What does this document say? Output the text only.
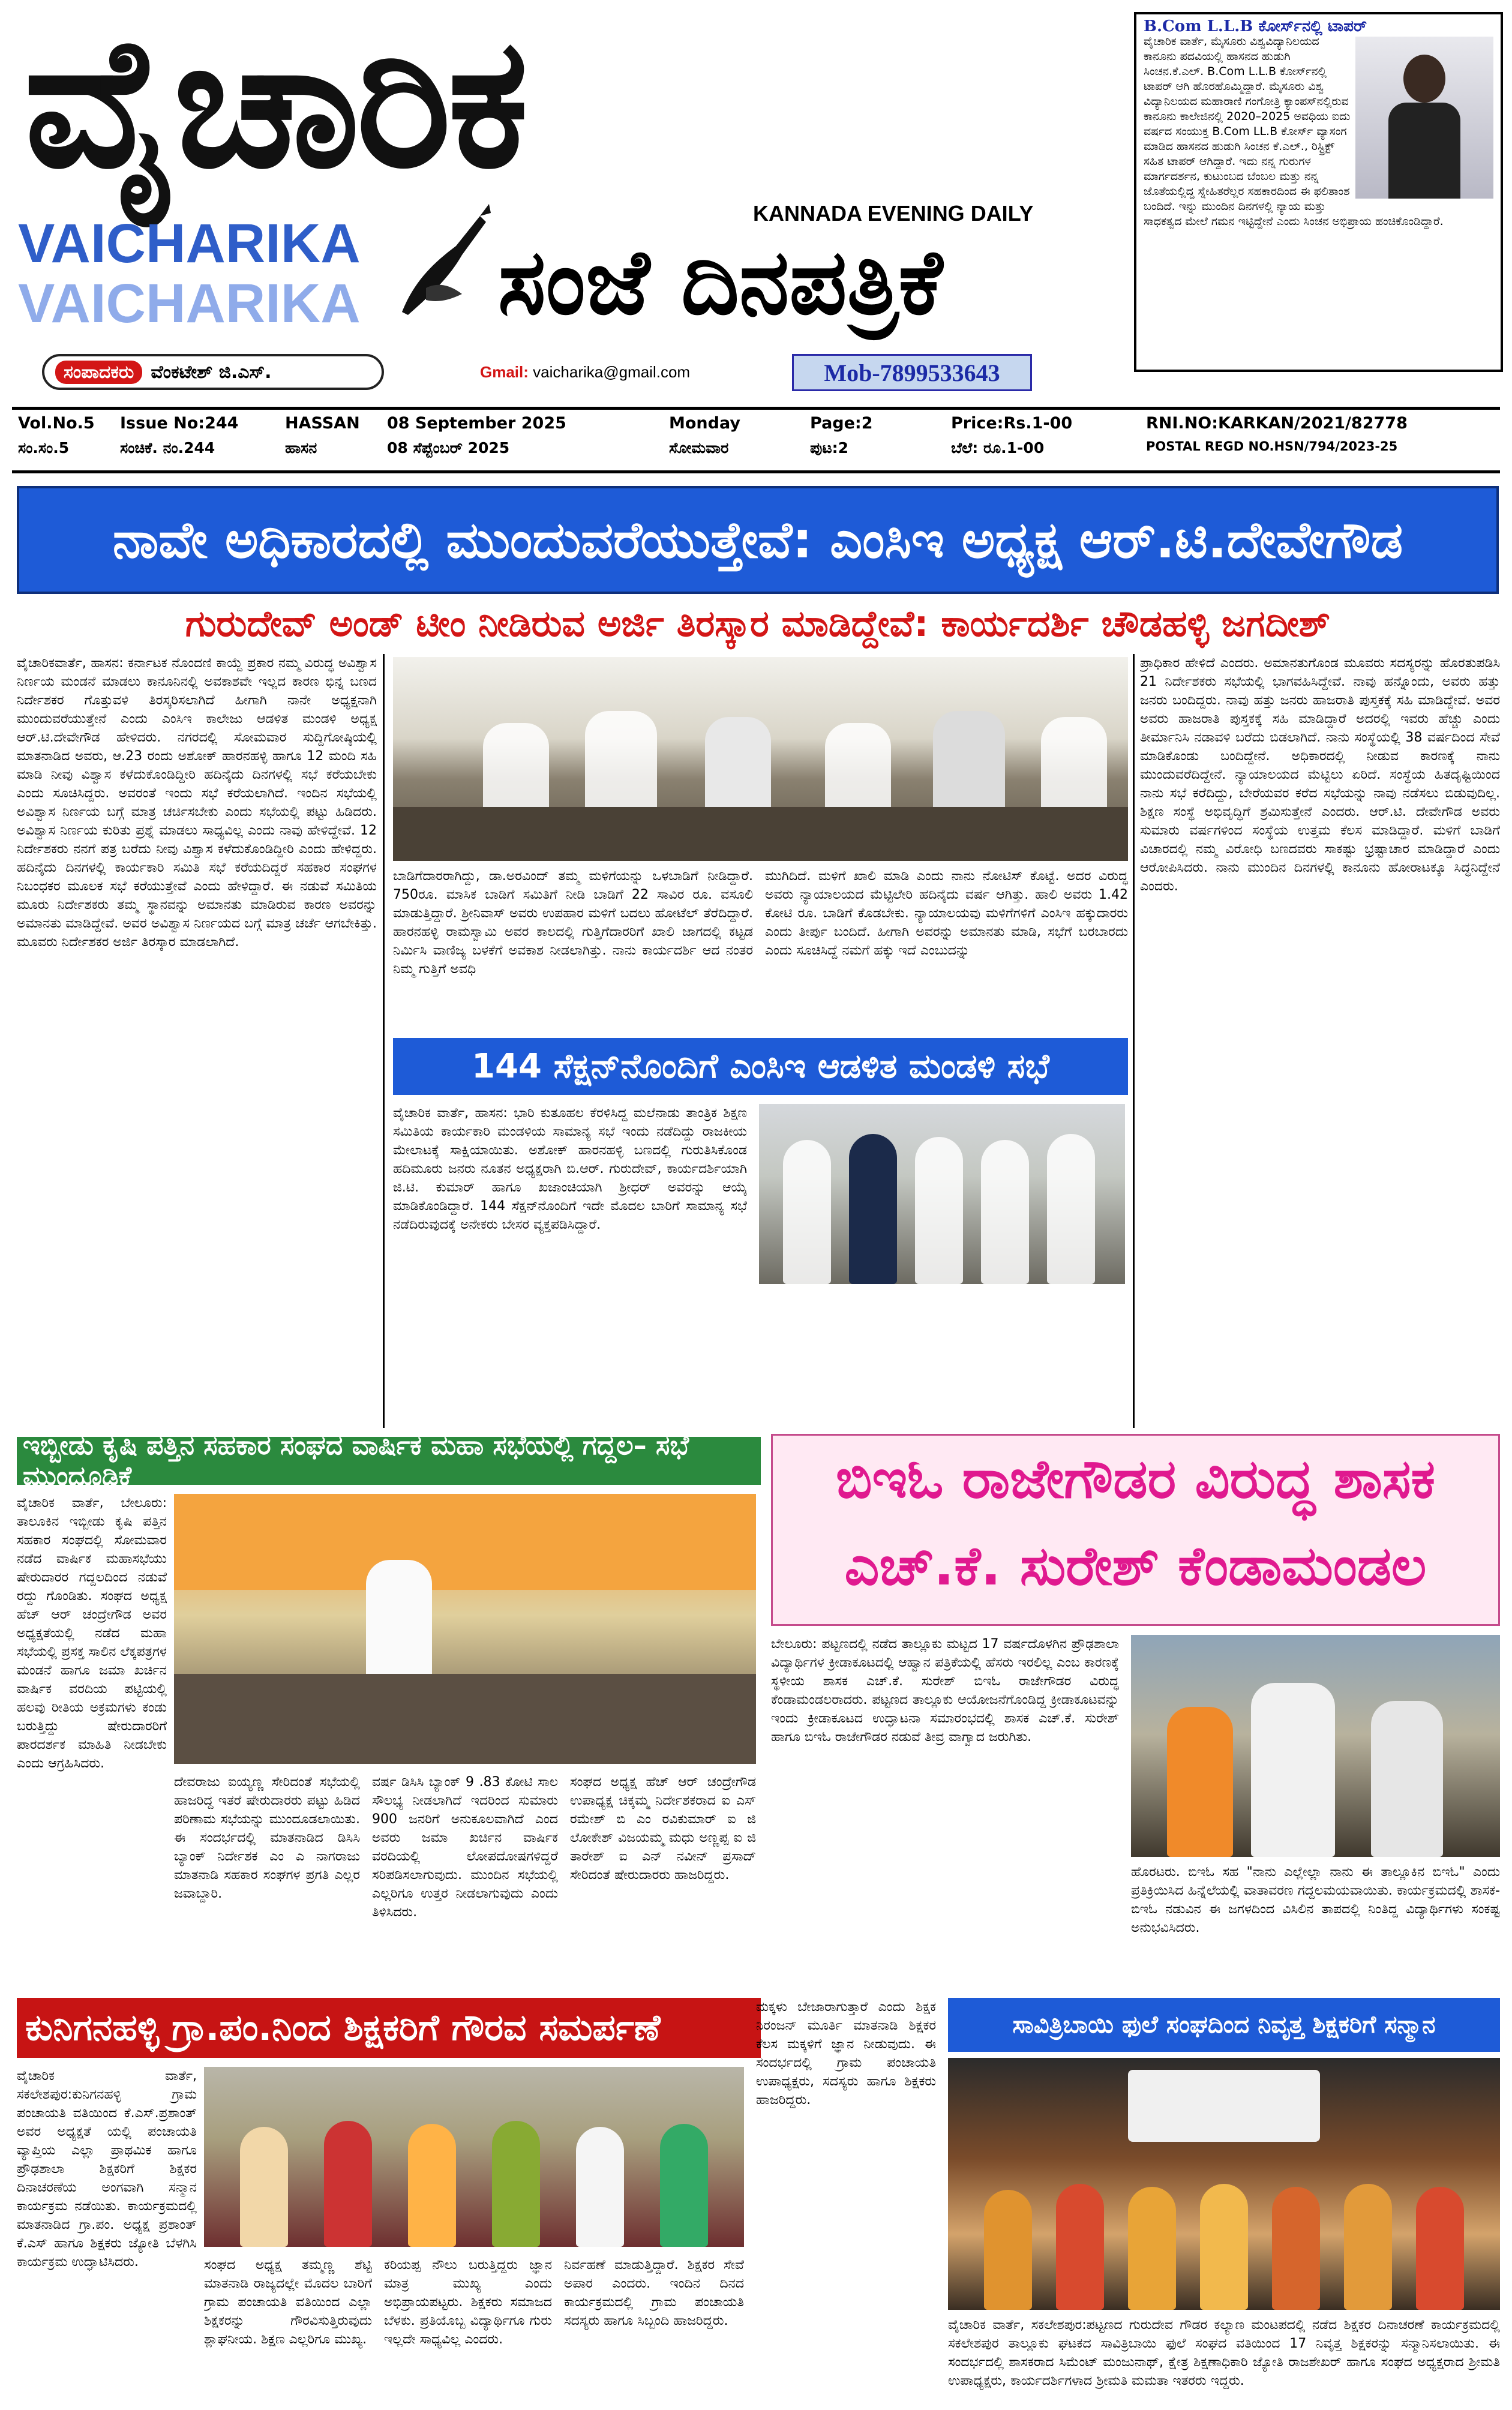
ವೈಚಾರಿಕ
VAICHARIKA
VAICHARIKA ಸಂಜೆ ದಿನಪತ್ರಿಕೆ
KANNADA EVENING DAILY
ಸಂಪಾದಕರು ವೆಂಕಟೇಶ್ ಜಿ.ಎಸ್.	Gmail: vaicharika@gmail.com	Mob-7899533643
B.Com L.L.B ಕೋರ್ಸ್‌ನಲ್ಲಿ ಟಾಪರ್
ವೈಚಾರಿಕ ವಾರ್ತೆ, ಮೈಸೂರು ವಿಶ್ವವಿದ್ಯಾನಿಲಯದ ಕಾನೂನು ಪದವಿಯಲ್ಲಿ ಹಾಸನದ ಹುಡುಗಿ ಸಿಂಚನ.ಕೆ.ಎಲ್. B.Com L.L.B ಕೋರ್ಸ್‌ನಲ್ಲಿ ಟಾಪರ್ ಆಗಿ ಹೊರಹೊಮ್ಮಿದ್ದಾರೆ. ಮೈಸೂರು ವಿಶ್ವ ವಿದ್ಯಾನಿಲಯದ ಮಹಾರಾಣಿ ಗಂಗೋತ್ರಿ ಕ್ಯಾಂಪಸ್‌ನಲ್ಲಿರುವ ಕಾನೂನು ಕಾಲೇಜಿನಲ್ಲಿ 2020–2025 ಅವಧಿಯ ಐದು ವರ್ಷದ ಸಂಯುಕ್ತ B.Com LL.B ಕೋರ್ಸ್ ವ್ಯಾಸಂಗ ಮಾಡಿದ ಹಾಸನದ ಹುಡುಗಿ ಸಿಂಚನ ಕೆ.ಎಲ್., ರಿಸ್ಟ್ರಿಕ್ಟ್ ಸಹಿತ ಟಾಪರ್ ಆಗಿದ್ದಾರೆ. ಇದು ನನ್ನ ಗುರುಗಳ ಮಾರ್ಗದರ್ಶನ, ಕುಟುಂಬದ ಬೆಂಬಲ ಮತ್ತು ನನ್ನ ಜೊತೆಯಲ್ಲಿದ್ದ ಸ್ನೇಹಿತರೆಲ್ಲರ ಸಹಕಾರದಿಂದ ಈ ಫಲಿತಾಂಶ ಬಂದಿದೆ. ಇನ್ನು ಮುಂದಿನ ದಿನಗಳಲ್ಲಿ ನ್ಯಾಯ ಮತ್ತು ಸಾಧಕತ್ವದ ಮೇಲೆ ಗಮನ ಇಟ್ಟಿದ್ದೇನೆ ಎಂದು ಸಿಂಚನ ಅಭಿಪ್ರಾಯ ಹಂಚಿಕೊಂಡಿದ್ದಾರೆ.
Vol.No.5
ಸಂ.ಸಂ.5
Issue No:244
ಸಂಚಿಕೆ. ನಂ.244
HASSAN
ಹಾಸನ
08 September 2025
08 ಸೆಪ್ಟೆಂಬರ್ 2025
Monday
ಸೋಮವಾರ
Page:2
ಪುಟ:2
Price:Rs.1-00
ಬೆಲೆ: ರೂ.1-00
RNI.NO:KARKAN/2021/82778
POSTAL REGD NO.HSN/794/2023-25
ನಾವೇ ಅಧಿಕಾರದಲ್ಲಿ ಮುಂದುವರೆಯುತ್ತೇವೆ: ಎಂಸಿಇ ಅಧ್ಯಕ್ಷ ಆರ್.ಟಿ.ದೇವೇಗೌಡ
ಗುರುದೇವ್ ಅಂಡ್ ಟೀಂ ನೀಡಿರುವ ಅರ್ಜಿ ತಿರಸ್ಕಾರ ಮಾಡಿದ್ದೇವೆ: ಕಾರ್ಯದರ್ಶಿ ಚೌಡಹಳ್ಳಿ ಜಗದೀಶ್
ವೈಚಾರಿಕವಾರ್ತೆ, ಹಾಸನ: ಕರ್ನಾಟಕ ನೊಂದಣಿ ಕಾಯ್ದೆ ಪ್ರಕಾರ ನಮ್ಮ ವಿರುದ್ಧ ಅವಿಶ್ವಾಸ ನಿರ್ಣಯ ಮಂಡನೆ ಮಾಡಲು ಕಾನೂನಿನಲ್ಲಿ ಅವಕಾಶವೇ ಇಲ್ಲದ ಕಾರಣ ಭಿನ್ನ ಬಣದ ನಿರ್ದೇಶಕರ ಗೊತ್ತುವಳಿ ತಿರಸ್ಕರಿಸಲಾಗಿದೆ ಹೀಗಾಗಿ ನಾನೇ ಅಧ್ಯಕ್ಷನಾಗಿ ಮುಂದುವರೆಯುತ್ತೇನೆ ಎಂದು ಎಂಸಿಇ ಕಾಲೇಜು ಆಡಳಿತ ಮಂಡಳಿ ಅಧ್ಯಕ್ಷ ಆರ್.ಟಿ.ದೇವೇಗೌಡ ಹೇಳಿದರು. ನಗರದಲ್ಲಿ ಸೋಮವಾರ ಸುದ್ದಿಗೋಷ್ಠಿಯಲ್ಲಿ ಮಾತನಾಡಿದ ಅವರು, ಆ.23 ರಂದು ಅಶೋಕ್ ಹಾರನಹಳ್ಳಿ ಹಾಗೂ 12 ಮಂದಿ ಸಹಿ ಮಾಡಿ ನೀವು ವಿಶ್ವಾಸ ಕಳೆದುಕೊಂಡಿದ್ದೀರಿ ಹದಿನೈದು ದಿನಗಳಲ್ಲಿ ಸಭೆ ಕರೆಯಬೇಕು ಎಂದು ಸೂಚಿಸಿದ್ದರು. ಅವರಂತೆ ಇಂದು ಸಭೆ ಕರೆಯಲಾಗಿದೆ. ಇಂದಿನ ಸಭೆಯಲ್ಲಿ ಅವಿಶ್ವಾಸ ನಿರ್ಣಯ ಬಗ್ಗೆ ಮಾತ್ರ ಚರ್ಚಿಸಬೇಕು ಎಂದು ಸಭೆಯಲ್ಲಿ ಪಟ್ಟು ಹಿಡಿದರು. ಅವಿಶ್ವಾಸ ನಿರ್ಣಯ ಕುರಿತು ಪ್ರಶ್ನೆ ಮಾಡಲು ಸಾಧ್ಯವಿಲ್ಲ ಎಂದು ನಾವು ಹೇಳಿದ್ದೇವೆ. 12 ನಿರ್ದೇಶಕರು ನನಗೆ ಪತ್ರ ಬರೆದು ನೀವು ವಿಶ್ವಾಸ ಕಳೆದುಕೊಂಡಿದ್ದೀರಿ ಎಂದು ಹೇಳಿದ್ದರು. ಹದಿನೈದು ದಿನಗಳಲ್ಲಿ ಕಾರ್ಯಕಾರಿ ಸಮಿತಿ ಸಭೆ ಕರೆಯದಿದ್ದರೆ ಸಹಕಾರ ಸಂಘಗಳ ನಿಬಂಧಕರ ಮೂಲಕ ಸಭೆ ಕರೆಯುತ್ತೇವೆ ಎಂದು ಹೇಳಿದ್ದಾರೆ. ಈ ನಡುವೆ ಸಮಿತಿಯ ಮೂರು ನಿರ್ದೇಶಕರು ತಮ್ಮ ಸ್ಥಾನವನ್ನು ಅಮಾನತು ಮಾಡಿರುವ ಕಾರಣ ಅವರನ್ನು ಅಮಾನತು ಮಾಡಿದ್ದೇವೆ. ಅವರ ಅವಿಶ್ವಾಸ ನಿರ್ಣಯದ ಬಗ್ಗೆ ಮಾತ್ರ ಚರ್ಚೆ ಆಗಬೇಕಿತ್ತು. ಮೂವರು ನಿರ್ದೇಶಕರ ಅರ್ಜಿ ತಿರಸ್ಕಾರ ಮಾಡಲಾಗಿದೆ.
ಬಾಡಿಗೆದಾರರಾಗಿದ್ದು, ಡಾ.ಅರವಿಂದ್ ತಮ್ಮ ಮಳಿಗೆಯನ್ನು ಒಳಬಾಡಿಗೆ ನೀಡಿದ್ದಾರೆ. 750ರೂ. ಮಾಸಿಕ ಬಾಡಿಗೆ ಸಮಿತಿಗೆ ನೀಡಿ ಬಾಡಿಗೆ 22 ಸಾವಿರ ರೂ. ವಸೂಲಿ ಮಾಡುತ್ತಿದ್ದಾರೆ. ಶ್ರೀನಿವಾಸ್ ಅವರು ಉಪಹಾರ ಮಳಿಗೆ ಬದಲು ಹೋಟೆಲ್ ತೆರೆದಿದ್ದಾರೆ. ಹಾರನಹಳ್ಳಿ ರಾಮಸ್ವಾಮಿ ಅವರ ಕಾಲದಲ್ಲಿ ಗುತ್ತಿಗೆದಾರರಿಗೆ ಖಾಲಿ ಜಾಗದಲ್ಲಿ ಕಟ್ಟಡ ನಿರ್ಮಿಸಿ ವಾಣಿಜ್ಯ ಬಳಕೆಗೆ ಅವಕಾಶ ನೀಡಲಾಗಿತ್ತು. ನಾನು ಕಾರ್ಯದರ್ಶಿ ಆದ ನಂತರ ನಿಮ್ಮ ಗುತ್ತಿಗೆ ಅವಧಿ
ಮುಗಿದಿದೆ. ಮಳಿಗೆ ಖಾಲಿ ಮಾಡಿ ಎಂದು ನಾನು ನೋಟಿಸ್ ಕೊಟ್ಟೆ. ಅದರ ವಿರುದ್ಧ ಅವರು ನ್ಯಾಯಾಲಯದ ಮೆಟ್ಟಿಲೇರಿ ಹದಿನೈದು ವರ್ಷ ಆಗಿತ್ತು. ಹಾಲಿ ಅವರು 1.42 ಕೋಟಿ ರೂ. ಬಾಡಿಗೆ ಕೊಡಬೇಕು. ನ್ಯಾಯಾಲಯವು ಮಳಿಗೆಗಳಿಗೆ ಎಂಸಿಇ ಹಕ್ಕುದಾರರು ಎಂದು ತೀರ್ಪು ಬಂದಿದೆ. ಹೀಗಾಗಿ ಅವರನ್ನು ಅಮಾನತು ಮಾಡಿ, ಸಭೆಗೆ ಬರಬಾರದು ಎಂದು ಸೂಚಿಸಿದ್ದೆ ನಮಗೆ ಹಕ್ಕು ಇದೆ ಎಂಬುದನ್ನು
144 ಸೆಕ್ಷನ್‌ನೊಂದಿಗೆ ಎಂಸಿಇ ಆಡಳಿತ ಮಂಡಳಿ ಸಭೆ
ವೈಚಾರಿಕ ವಾರ್ತೆ, ಹಾಸನ: ಭಾರಿ ಕುತೂಹಲ ಕೆರಳಿಸಿದ್ದ ಮಲೆನಾಡು ತಾಂತ್ರಿಕ ಶಿಕ್ಷಣ ಸಮಿತಿಯ ಕಾರ್ಯಕಾರಿ ಮಂಡಳಿಯ ಸಾಮಾನ್ಯ ಸಭೆ ಇಂದು ನಡೆದಿದ್ದು ರಾಜಕೀಯ ಮೇಲಾಟಕ್ಕೆ ಸಾಕ್ಷಿಯಾಯಿತು. ಅಶೋಕ್ ಹಾರನಹಳ್ಳಿ ಬಣದಲ್ಲಿ ಗುರುತಿಸಿಕೊಂಡ ಹದಿಮೂರು ಜನರು ನೂತನ ಅಧ್ಯಕ್ಷರಾಗಿ ಬಿ.ಆರ್. ಗುರುದೇವ್, ಕಾರ್ಯದರ್ಶಿಯಾಗಿ ಜಿ.ಟಿ. ಕುಮಾರ್ ಹಾಗೂ ಖಜಾಂಚಿಯಾಗಿ ಶ್ರೀಧರ್ ಅವರನ್ನು ಆಯ್ಕೆ ಮಾಡಿಕೊಂಡಿದ್ದಾರೆ. 144 ಸೆಕ್ಷನ್‌ನೊಂದಿಗೆ ಇದೇ ಮೊದಲ ಬಾರಿಗೆ ಸಾಮಾನ್ಯ ಸಭೆ ನಡೆದಿರುವುದಕ್ಕೆ ಅನೇಕರು ಬೇಸರ ವ್ಯಕ್ತಪಡಿಸಿದ್ದಾರೆ.
ಪ್ರಾಧಿಕಾರ ಹೇಳಿದೆ ಎಂದರು. ಅಮಾನತುಗೊಂಡ ಮೂವರು ಸದಸ್ಯರನ್ನು ಹೊರತುಪಡಿಸಿ 21 ನಿರ್ದೇಶಕರು ಸಭೆಯಲ್ಲಿ ಭಾಗವಹಿಸಿದ್ದೇವೆ. ನಾವು ಹನ್ನೊಂದು, ಅವರು ಹತ್ತು ಜನರು ಬಂದಿದ್ದರು. ನಾವು ಹತ್ತು ಜನರು ಹಾಜರಾತಿ ಪುಸ್ತಕಕ್ಕೆ ಸಹಿ ಮಾಡಿದ್ದೇವೆ. ಅವರ ಅವರು ಹಾಜರಾತಿ ಪುಸ್ತಕಕ್ಕೆ ಸಹಿ ಮಾಡಿದ್ದಾರೆ ಅದರಲ್ಲಿ ಇವರು ಹೆಚ್ಚು ಎಂದು ತೀರ್ಮಾನಿಸಿ ನಡಾವಳಿ ಬರೆದು ಬಿಡಲಾಗಿದೆ. ನಾನು ಸಂಸ್ಥೆಯಲ್ಲಿ 38 ವರ್ಷದಿಂದ ಸೇವೆ ಮಾಡಿಕೊಂಡು ಬಂದಿದ್ದೇನೆ. ಅಧಿಕಾರದಲ್ಲಿ ನೀಡುವ ಕಾರಣಕ್ಕೆ ನಾನು ಮುಂದುವರೆದಿದ್ದೇನೆ. ನ್ಯಾಯಾಲಯದ ಮೆಟ್ಟಿಲು ಏರಿದೆ. ಸಂಸ್ಥೆಯ ಹಿತದೃಷ್ಟಿಯಿಂದ ನಾನು ಸಭೆ ಕರೆದಿದ್ದು, ಬೇರೆಯವರ ಕರೆದ ಸಭೆಯನ್ನು ನಾವು ನಡೆಸಲು ಬಿಡುವುದಿಲ್ಲ. ಶಿಕ್ಷಣ ಸಂಸ್ಥೆ ಅಭಿವೃದ್ಧಿಗೆ ಶ್ರಮಿಸುತ್ತೇನೆ ಎಂದರು. ಆರ್.ಟಿ. ದೇವೇಗೌಡ ಅವರು ಸುಮಾರು ವರ್ಷಗಳಿಂದ ಸಂಸ್ಥೆಯ ಉತ್ತಮ ಕೆಲಸ ಮಾಡಿದ್ದಾರೆ. ಮಳಿಗೆ ಬಾಡಿಗೆ ವಿಚಾರದಲ್ಲಿ ನಮ್ಮ ವಿರೋಧಿ ಬಣದವರು ಸಾಕಷ್ಟು ಭ್ರಷ್ಟಾಚಾರ ಮಾಡಿದ್ದಾರೆ ಎಂದು ಆರೋಪಿಸಿದರು. ನಾನು ಮುಂದಿನ ದಿನಗಳಲ್ಲಿ ಕಾನೂನು ಹೋರಾಟಕ್ಕೂ ಸಿದ್ಧನಿದ್ದೇನೆ ಎಂದರು.
ಇಬ್ಬೀಡು ಕೃಷಿ ಪತ್ತಿನ ಸಹಕಾರ ಸಂಘದ ವಾರ್ಷಿಕ ಮಹಾ ಸಭೆಯಲ್ಲಿ ಗದ್ದಲ– ಸಭೆ ಮುಂದೂಡಿಕೆ
ವೈಚಾರಿಕ ವಾರ್ತೆ, ಬೇಲೂರು: ತಾಲೂಕಿನ ಇಬ್ಬೀಡು ಕೃಷಿ ಪತ್ತಿನ ಸಹಕಾರ ಸಂಘದಲ್ಲಿ ಸೋಮವಾರ ನಡೆದ ವಾರ್ಷಿಕ ಮಹಾಸಭೆಯು ಷೇರುದಾರರ ಗದ್ದಲದಿಂದ ನಡುವೆ ರದ್ದು ಗೊಂಡಿತು. ಸಂಘದ ಅಧ್ಯಕ್ಷ ಹೆಚ್ ಆರ್ ಚಂದ್ರೇಗೌಡ ಅವರ ಅಧ್ಯಕ್ಷತೆಯಲ್ಲಿ ನಡೆದ ಮಹಾ ಸಭೆಯಲ್ಲಿ ಪ್ರಸಕ್ತ ಸಾಲಿನ ಲೆಕ್ಕಪತ್ರಗಳ ಮಂಡನೆ ಹಾಗೂ ಜಮಾ ಖರ್ಚಿನ ವಾರ್ಷಿಕ ವರದಿಯ ಪಟ್ಟಿಯಲ್ಲಿ ಹಲವು ರೀತಿಯ ಅಕ್ರಮಗಳು ಕಂಡು ಬರುತ್ತಿದ್ದು ಷೇರುದಾರರಿಗೆ ಪಾರದರ್ಶಕ ಮಾಹಿತಿ ನೀಡಬೇಕು ಎಂದು ಆಗ್ರಹಿಸಿದರು.
ದೇವರಾಜು ಐಯ್ಯಣ್ಣ ಸೇರಿದಂತೆ ಸಭೆಯಲ್ಲಿ ಹಾಜರಿದ್ದ ಇತರೆ ಷೇರುದಾರರು ಪಟ್ಟು ಹಿಡಿದ ಪರಿಣಾಮ ಸಭೆಯನ್ನು ಮುಂದೂಡಲಾಯಿತು. ಈ ಸಂದರ್ಭದಲ್ಲಿ ಮಾತನಾಡಿದ ಡಿಸಿಸಿ ಬ್ಯಾಂಕ್ ನಿರ್ದೇಶಕ ಎಂ ಎ ನಾಗರಾಜು ಮಾತನಾಡಿ ಸಹಕಾರ ಸಂಘಗಳ ಪ್ರಗತಿ ಎಲ್ಲರ ಜವಾಬ್ದಾರಿ.
ವರ್ಷ ಡಿಸಿಸಿ ಬ್ಯಾಂಕ್ 9 .83 ಕೋಟಿ ಸಾಲ ಸೌಲಭ್ಯ ನೀಡಲಾಗಿದೆ ಇದರಿಂದ ಸುಮಾರು 900 ಜನರಿಗೆ ಅನುಕೂಲವಾಗಿದೆ ಎಂದ ಅವರು ಜಮಾ ಖರ್ಚಿನ ವಾರ್ಷಿಕ ವರದಿಯಲ್ಲಿ ಲೋಪದೋಷಗಳಿದ್ದರೆ ಸರಿಪಡಿಸಲಾಗುವುದು. ಮುಂದಿನ ಸಭೆಯಲ್ಲಿ ಎಲ್ಲರಿಗೂ ಉತ್ತರ ನೀಡಲಾಗುವುದು ಎಂದು ತಿಳಿಸಿದರು.
ಸಂಘದ ಅಧ್ಯಕ್ಷ ಹೆಚ್ ಆರ್ ಚಂದ್ರೇಗೌಡ ಉಪಾಧ್ಯಕ್ಷ ಚಿಕ್ಕಮ್ಮ ನಿರ್ದೇಶಕರಾದ ಐ ಎಸ್ ರಮೇಶ್ ಬಿ ಎಂ ರವಿಕುಮಾರ್ ಐ ಜಿ ಲೋಕೇಶ್ ವಿಜಯಮ್ಮ ಮಧು ಅಣ್ಣಪ್ಪ ಐ ಜಿ ತಾರೇಶ್ ಐ ಎನ್ ನವೀನ್ ಪ್ರಸಾದ್ ಸೇರಿದಂತೆ ಷೇರುದಾರರು ಹಾಜರಿದ್ದರು.
ಬಿಇಓ ರಾಜೇಗೌಡರ ವಿರುದ್ಧ ಶಾಸಕ
ಎಚ್.ಕೆ. ಸುರೇಶ್ ಕೆಂಡಾಮಂಡಲ
ಬೇಲೂರು: ಪಟ್ಟಣದಲ್ಲಿ ನಡೆದ ತಾಲ್ಲೂಕು ಮಟ್ಟದ 17 ವರ್ಷದೊಳಗಿನ ಪ್ರೌಢಶಾಲಾ ವಿದ್ಯಾರ್ಥಿಗಳ ಕ್ರೀಡಾಕೂಟದಲ್ಲಿ ಆಹ್ವಾನ ಪತ್ರಿಕೆಯಲ್ಲಿ ಹೆಸರು ಇರಲಿಲ್ಲ ಎಂಬ ಕಾರಣಕ್ಕೆ ಸ್ಥಳೀಯ ಶಾಸಕ ಎಚ್.ಕೆ. ಸುರೇಶ್ ಬಿಇಓ ರಾಜೇಗೌಡರ ವಿರುದ್ಧ ಕೆಂಡಾಮಂಡಲರಾದರು. ಪಟ್ಟಣದ ತಾಲ್ಲೂಕು ಆಯೋಜನೆಗೊಂಡಿದ್ದ ಕ್ರೀಡಾಕೂಟವನ್ನು ಇಂದು ಕ್ರೀಡಾಕೂಟದ ಉದ್ಘಾಟನಾ ಸಮಾರಂಭದಲ್ಲಿ ಶಾಸಕ ಎಚ್.ಕೆ. ಸುರೇಶ್ ಹಾಗೂ ಬಿಇಓ ರಾಜೇಗೌಡರ ನಡುವೆ ತೀವ್ರ ವಾಗ್ವಾದ ಜರುಗಿತು.
ಹೊರಟರು. ಬಿಇಓ ಸಹ "ನಾನು ಎಲ್ಲೇಲ್ಲಾ ನಾನು ಈ ತಾಲ್ಲೂಕಿನ ಬಿಇಓ" ಎಂದು ಪ್ರತಿಕ್ರಿಯಿಸಿದ ಹಿನ್ನೆಲೆಯಲ್ಲಿ ವಾತಾವರಣ ಗದ್ದಲಮಯವಾಯಿತು. ಕಾರ್ಯಕ್ರಮದಲ್ಲಿ ಶಾಸಕ-ಬಿಇಓ ನಡುವಿನ ಈ ಜಗಳದಿಂದ ವಿಸಿಲಿನ ತಾಪದಲ್ಲಿ ನಿಂತಿದ್ದ ವಿದ್ಯಾರ್ಥಿಗಳು ಸಂಕಷ್ಟ ಅನುಭವಿಸಿದರು.
ಕುನಿಗನಹಳ್ಳಿ ಗ್ರಾ.ಪಂ.ನಿಂದ ಶಿಕ್ಷಕರಿಗೆ ಗೌರವ ಸಮರ್ಪಣೆ
ವೈಚಾರಿಕ ವಾರ್ತೆ, ಸಕಲೇಶಪುರ:ಕುನಿಗನಹಳ್ಳಿ ಗ್ರಾಮ ಪಂಚಾಯತಿ ವತಿಯಿಂದ ಕೆ.ಎಸ್.ಪ್ರಶಾಂತ್ ಅವರ ಅಧ್ಯಕ್ಷತೆ ಯಲ್ಲಿ ಪಂಚಾಯತಿ ವ್ಯಾಪ್ತಿಯ ಎಲ್ಲಾ ಪ್ರಾಥಮಿಕ ಹಾಗೂ ಪ್ರೌಢಶಾಲಾ ಶಿಕ್ಷಕರಿಗೆ ಶಿಕ್ಷಕರ ದಿನಾಚರಣೆಯ ಅಂಗವಾಗಿ ಸನ್ಮಾನ ಕಾರ್ಯಕ್ರಮ ನಡೆಯಿತು. ಕಾರ್ಯಕ್ರಮದಲ್ಲಿ ಮಾತನಾಡಿದ ಗ್ರಾ.ಪಂ. ಅಧ್ಯಕ್ಷ ಪ್ರಶಾಂತ್ ಕೆ.ಎಸ್ ಹಾಗೂ ಶಿಕ್ಷಕರು ಜ್ಯೋತಿ ಬೆಳಗಿಸಿ ಕಾರ್ಯಕ್ರಮ ಉದ್ಘಾಟಿಸಿದರು.	ಸಂಘದ ಅಧ್ಯಕ್ಷ ತಮ್ಮಣ್ಣ ಶೆಟ್ಟಿ ಮಾತನಾಡಿ ರಾಜ್ಯದಲ್ಲೇ ಮೊದಲ ಬಾರಿಗೆ ಗ್ರಾಮ ಪಂಚಾಯತಿ ವತಿಯಿಂದ ಎಲ್ಲಾ ಶಿಕ್ಷಕರನ್ನು ಗೌರವಿಸುತ್ತಿರುವುದು ಶ್ಲಾಘನೀಯ. ಶಿಕ್ಷಣ ಎಲ್ಲರಿಗೂ ಮುಖ್ಯ.
ಕರಿಯಪ್ಪ ನೌಲು ಬರುತ್ತಿದ್ದರು ಜ್ಞಾನ ಮಾತ್ರ ಮುಖ್ಯ ಎಂದು ಅಭಿಪ್ರಾಯಪಟ್ಟರು. ಶಿಕ್ಷಕರು ಸಮಾಜದ ಬೆಳಕು. ಪ್ರತಿಯೊಬ್ಬ ವಿದ್ಯಾರ್ಥಿಗೂ ಗುರು ಇಲ್ಲದೇ ಸಾಧ್ಯವಿಲ್ಲ ಎಂದರು.
ನಿರ್ವಹಣೆ ಮಾಡುತ್ತಿದ್ದಾರೆ. ಶಿಕ್ಷಕರ ಸೇವೆ ಅಪಾರ ಎಂದರು. ಇಂದಿನ ದಿನದ ಕಾರ್ಯಕ್ರಮದಲ್ಲಿ ಗ್ರಾಮ ಪಂಚಾಯತಿ ಸದಸ್ಯರು ಹಾಗೂ ಸಿಬ್ಬಂದಿ ಹಾಜರಿದ್ದರು.
ಮಕ್ಕಳು ಬೇಜಾರಾಗುತ್ತಾರೆ ಎಂದು ಶಿಕ್ಷಕ ನಿರಂಜನ್ ಮೂರ್ತಿ ಮಾತನಾಡಿ ಶಿಕ್ಷಕರ ಕೆಲಸ ಮಕ್ಕಳಿಗೆ ಜ್ಞಾನ ನೀಡುವುದು. ಈ ಸಂದರ್ಭದಲ್ಲಿ ಗ್ರಾಮ ಪಂಚಾಯತಿ ಉಪಾಧ್ಯಕ್ಷರು, ಸದಸ್ಯರು ಹಾಗೂ ಶಿಕ್ಷಕರು ಹಾಜರಿದ್ದರು.
ಸಾವಿತ್ರಿಬಾಯಿ ಫುಲೆ ಸಂಘದಿಂದ ನಿವೃತ್ತ ಶಿಕ್ಷಕರಿಗೆ ಸನ್ಮಾನ
ವೈಚಾರಿಕ ವಾರ್ತೆ, ಸಕಲೇಶಪುರ:ಪಟ್ಟಣದ ಗುರುದೇವ ಗೌಡರ ಕಲ್ಯಾಣ ಮಂಟಪದಲ್ಲಿ ನಡೆದ ಶಿಕ್ಷಕರ ದಿನಾಚರಣೆ ಕಾರ್ಯಕ್ರಮದಲ್ಲಿ ಸಕಲೇಶಪುರ ತಾಲ್ಲೂಕು ಘಟಕದ ಸಾವಿತ್ರಿಬಾಯಿ ಫುಲೆ ಸಂಘದ ವತಿಯಿಂದ 17 ನಿವೃತ್ತ ಶಿಕ್ಷಕರನ್ನು ಸನ್ಮಾನಿಸಲಾಯಿತು. ಈ ಸಂದರ್ಭದಲ್ಲಿ ಶಾಸಕರಾದ ಸಿಮೆಂಟ್ ಮಂಜುನಾಥ್, ಕ್ಷೇತ್ರ ಶಿಕ್ಷಣಾಧಿಕಾರಿ ಜ್ಯೋತಿ ರಾಜಶೇಖರ್ ಹಾಗೂ ಸಂಘದ ಅಧ್ಯಕ್ಷರಾದ ಶ್ರೀಮತಿ ಉಪಾಧ್ಯಕ್ಷರು, ಕಾರ್ಯದರ್ಶಿಗಳಾದ ಶ್ರೀಮತಿ ಮಮತಾ ಇತರರು ಇದ್ದರು.
